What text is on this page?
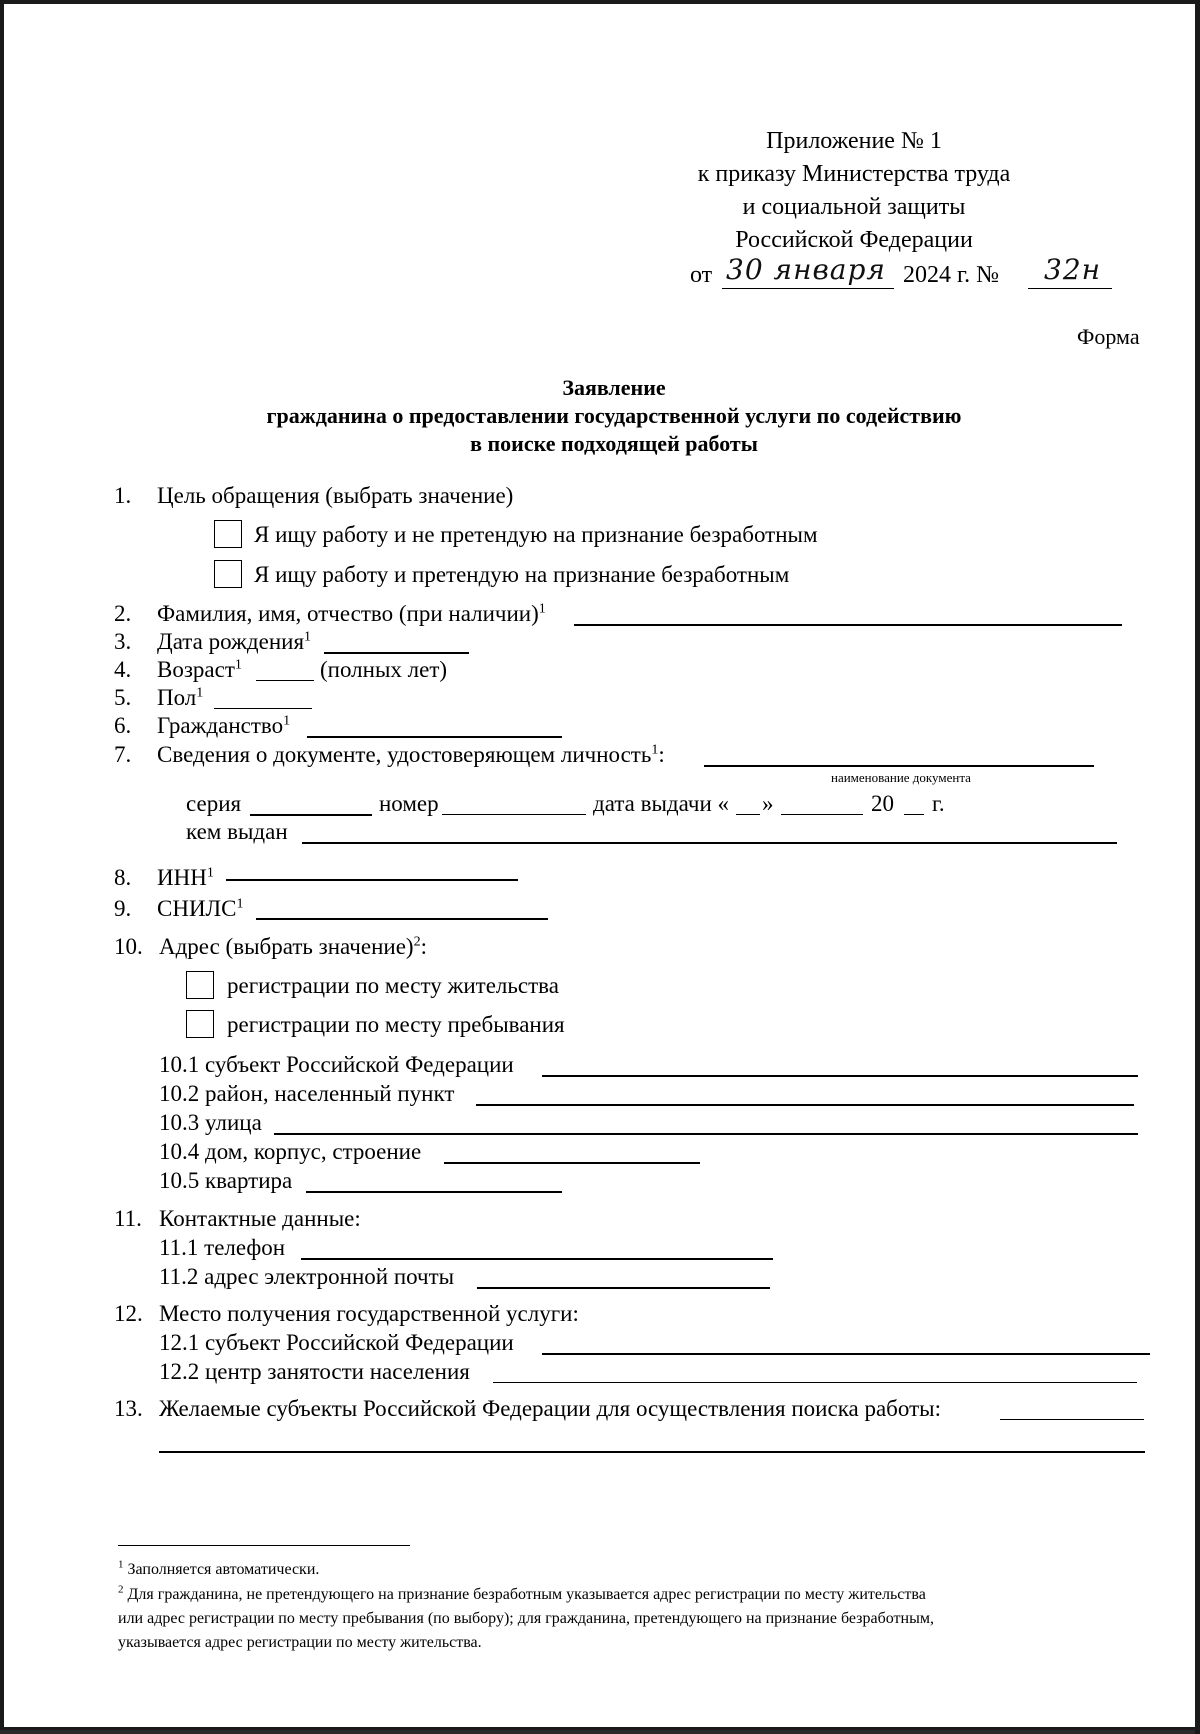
Приложение № 1
к приказу Министерства труда
и социальной защиты
Российской Федерации
от 30 января 2024 г. № 32н
Форма
Заявление
гражданина о предоставлении государственной услуги по содействию
в поиске подходящей работы
1. Цель обращения (выбрать значение)
Я ищу работу и не претендую на признание безработным
Я ищу работу и претендую на признание безработным
2. Фамилия, имя, отчество (при наличии)$^1$
3. Дата рождения$^1$
4. Возраст$^1$	(полных лет)
5. Пол$^1$
6. Гражданство$^1$
7. Сведения о документе, удостоверяющем личность$^1$:
наименование документа
серия	номер	дата выдачи « »	20 г.
кем выдан
8. ИНН$^1$
9. СНИЛС$^1$
10. Адрес (выбрать значение)$^2$:
регистрации по месту жительства
регистрации по месту пребывания
10.1 субъект Российской Федерации
10.2 район, населенный пункт
10.3 улица
10.4 дом, корпус, строение
10.5 квартира
11. Контактные данные:
11.1 телефон
11.2 адрес электронной почты
12. Место получения государственной услуги:
12.1 субъект Российской Федерации
12.2 центр занятости населения
13. Желаемые субъекты Российской Федерации для осуществления поиска работы:
$^1$ Заполняется автоматически.
$^2$ Для гражданина, не претендующего на признание безработным указывается адрес регистрации по месту жительства
или адрес регистрации по месту пребывания (по выбору); для гражданина, претендующего на признание безработным,
указывается адрес регистрации по месту жительства.
